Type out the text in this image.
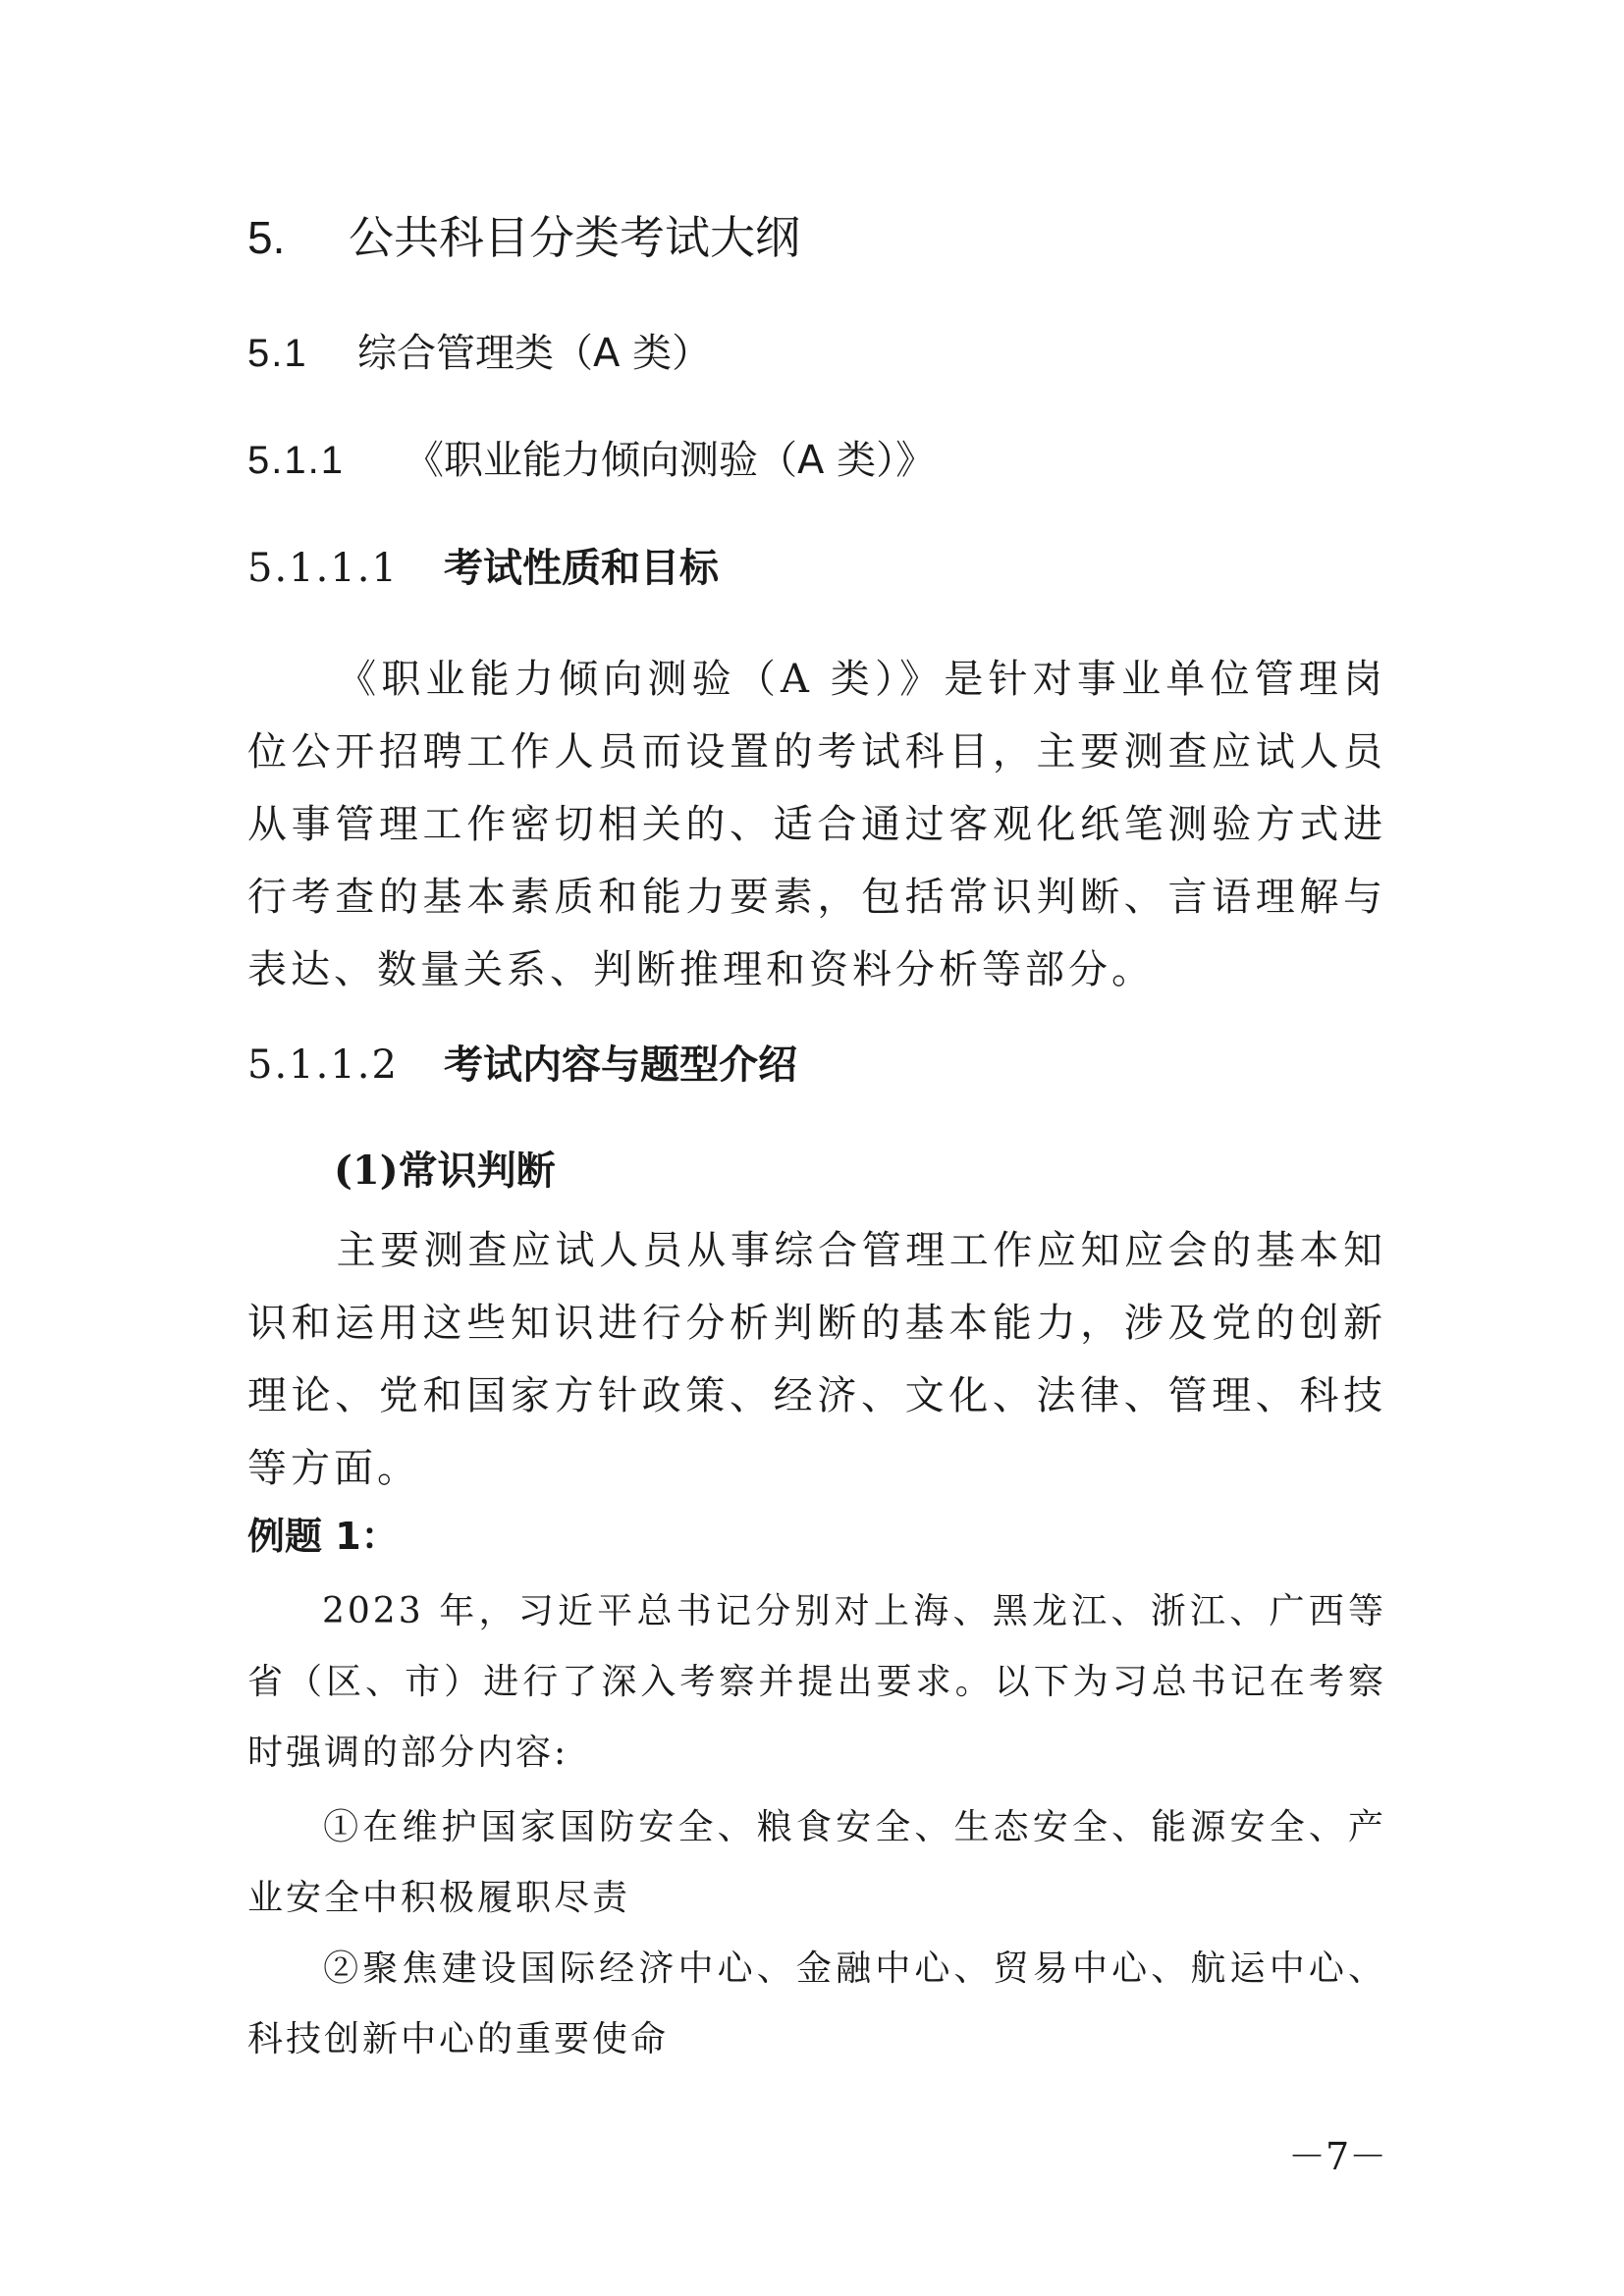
5. 公共科目分类考试大纲
5.1 综合管理类（A 类）
5.1.1 《职业能力倾向测验（A 类）》
5.1.1.1 考试性质和目标

《职业能力倾向测验（A 类）》是针对事业单位管理岗位公开招聘工作人员而设置的考试科目，主要测查应试人员从事管理工作密切相关的、适合通过客观化纸笔测验方式进行考查的基本素质和能力要素，包括常识判断、言语理解与表达、数量关系、判断推理和资料分析等部分。

5.1.1.2 考试内容与题型介绍
(1)常识判断

主要测查应试人员从事综合管理工作应知应会的基本知识和运用这些知识进行分析判断的基本能力，涉及党的创新理论、党和国家方针政策、经济、文化、法律、管理、科技等方面。

例题 1：

2023 年，习近平总书记分别对上海、黑龙江、浙江、广西等省（区、市）进行了深入考察并提出要求。以下为习总书记在考察时强调的部分内容:

①在维护国家国防安全、粮食安全、生态安全、能源安全、产业安全中积极履职尽责

②聚焦建设国际经济中心、金融中心、贸易中心、航运中心、科技创新中心的重要使命

－7－
